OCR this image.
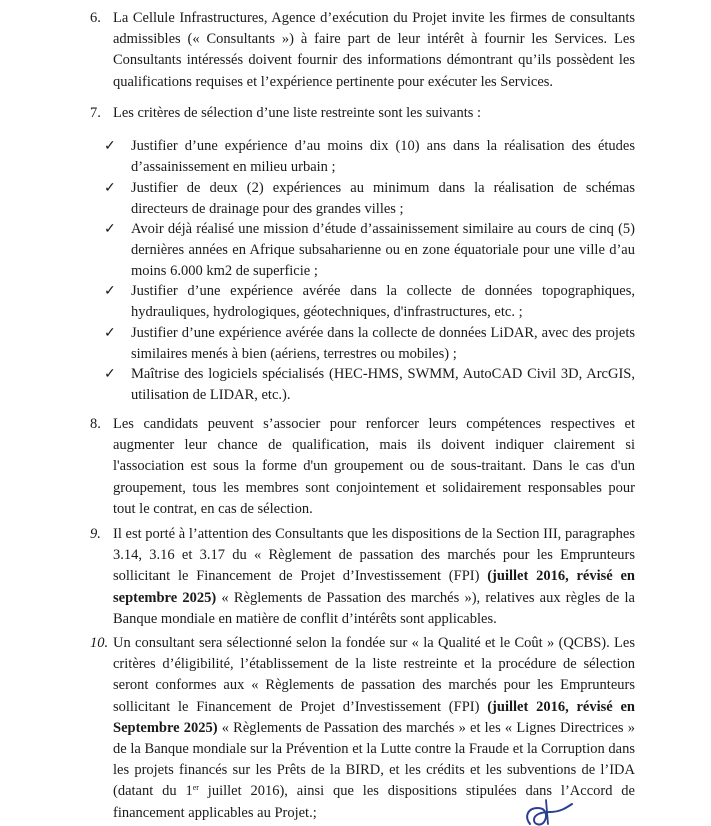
6. La Cellule Infrastructures, Agence d’exécution du Projet invite les firmes de consultants admissibles (« Consultants ») à faire part de leur intérêt à fournir les Services. Les Consultants intéressés doivent fournir des informations démontrant qu’ils possèdent les qualifications requises et l’expérience pertinente pour exécuter les Services.
7. Les critères de sélection d’une liste restreinte sont les suivants :
✓ Justifier d’une expérience d’au moins dix (10) ans dans la réalisation des études d’assainissement en milieu urbain ;
✓ Justifier de deux (2) expériences au minimum dans la réalisation de schémas directeurs de drainage pour des grandes villes ;
✓ Avoir déjà réalisé une mission d’étude d’assainissement similaire au cours de cinq (5) dernières années en Afrique subsaharienne ou en zone équatoriale pour une ville d’au moins 6.000 km2 de superficie ;
✓ Justifier d’une expérience avérée dans la collecte de données topographiques, hydrauliques, hydrologiques, géotechniques, d'infrastructures, etc. ;
✓ Justifier d’une expérience avérée dans la collecte de données LiDAR, avec des projets similaires menés à bien (aériens, terrestres ou mobiles) ;
✓ Maîtrise des logiciels spécialisés (HEC-HMS, SWMM, AutoCAD Civil 3D, ArcGIS, utilisation de LIDAR, etc.).
8. Les candidats peuvent s’associer pour renforcer leurs compétences respectives et augmenter leur chance de qualification, mais ils doivent indiquer clairement si l'association est sous la forme d'un groupement ou de sous-traitant. Dans le cas d'un groupement, tous les membres sont conjointement et solidairement responsables pour tout le contrat, en cas de sélection.
9. Il est porté à l’attention des Consultants que les dispositions de la Section III, paragraphes 3.14, 3.16 et 3.17 du « Règlement de passation des marchés pour les Emprunteurs sollicitant le Financement de Projet d’Investissement (FPI) (juillet 2016, révisé en septembre 2025) « Règlements de Passation des marchés »), relatives aux règles de la Banque mondiale en matière de conflit d’intérêts sont applicables.
10. Un consultant sera sélectionné selon la fondée sur « la Qualité et le Coût » (QCBS). Les critères d’éligibilité, l’établissement de la liste restreinte et la procédure de sélection seront conformes aux « Règlements de passation des marchés pour les Emprunteurs sollicitant le Financement de Projet d’Investissement (FPI) (juillet 2016, révisé en Septembre 2025) « Règlements de Passation des marchés » et les « Lignes Directrices » de la Banque mondiale sur la Prévention et la Lutte contre la Fraude et la Corruption dans les projets financés sur les Prêts de la BIRD, et les crédits et les subventions de l’IDA (datant du 1er juillet 2016), ainsi que les dispositions stipulées dans l’Accord de financement applicables au Projet.;
